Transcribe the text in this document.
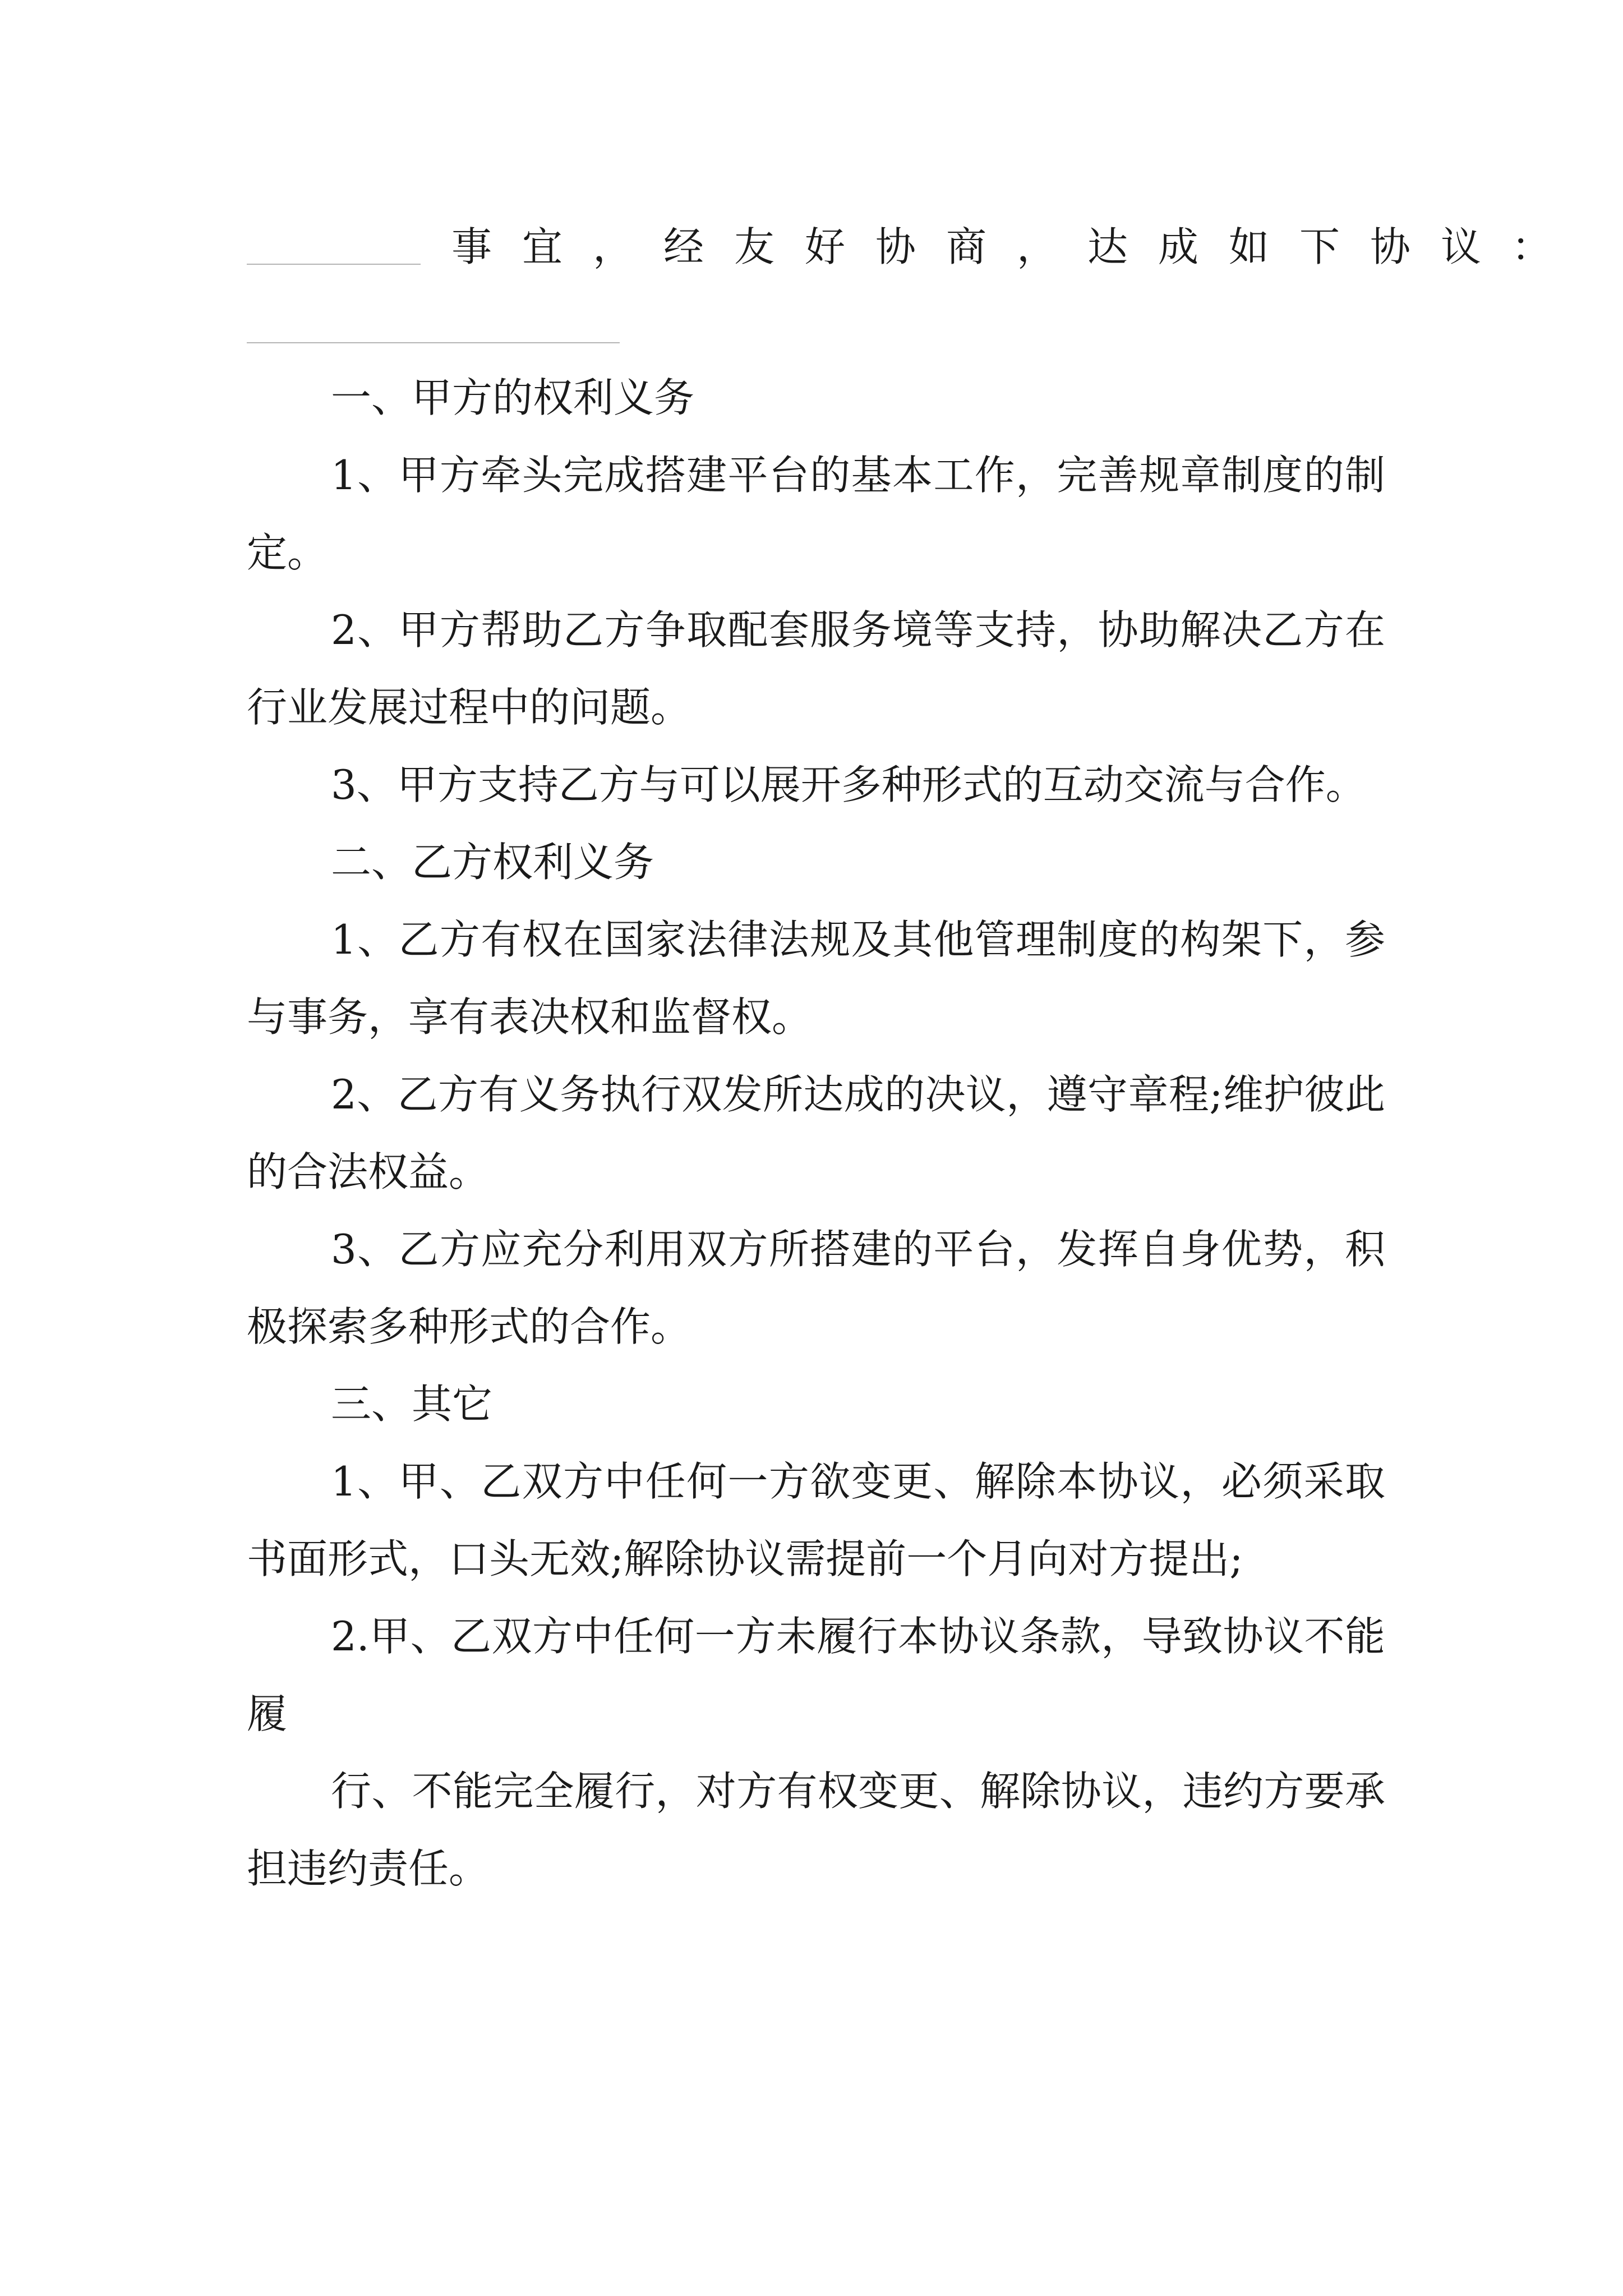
事宜，经友好协商，达成如下协议：

一、甲方的权利义务

1、甲方牵头完成搭建平台的基本工作，完善规章制度的制定。

2、甲方帮助乙方争取配套服务境等支持，协助解决乙方在行业发展过程中的问题。

3、甲方支持乙方与可以展开多种形式的互动交流与合作。

二、乙方权利义务

1、乙方有权在国家法律法规及其他管理制度的构架下，参与事务，享有表决权和监督权。

2、乙方有义务执行双发所达成的决议，遵守章程;维护彼此的合法权益。

3、乙方应充分利用双方所搭建的平台，发挥自身优势，积极探索多种形式的合作。

三、其它

1、甲、乙双方中任何一方欲变更、解除本协议，必须采取书面形式，口头无效;解除协议需提前一个月向对方提出;

2.甲、乙双方中任何一方未履行本协议条款，导致协议不能履

行、不能完全履行，对方有权变更、解除协议，违约方要承担违约责任。
